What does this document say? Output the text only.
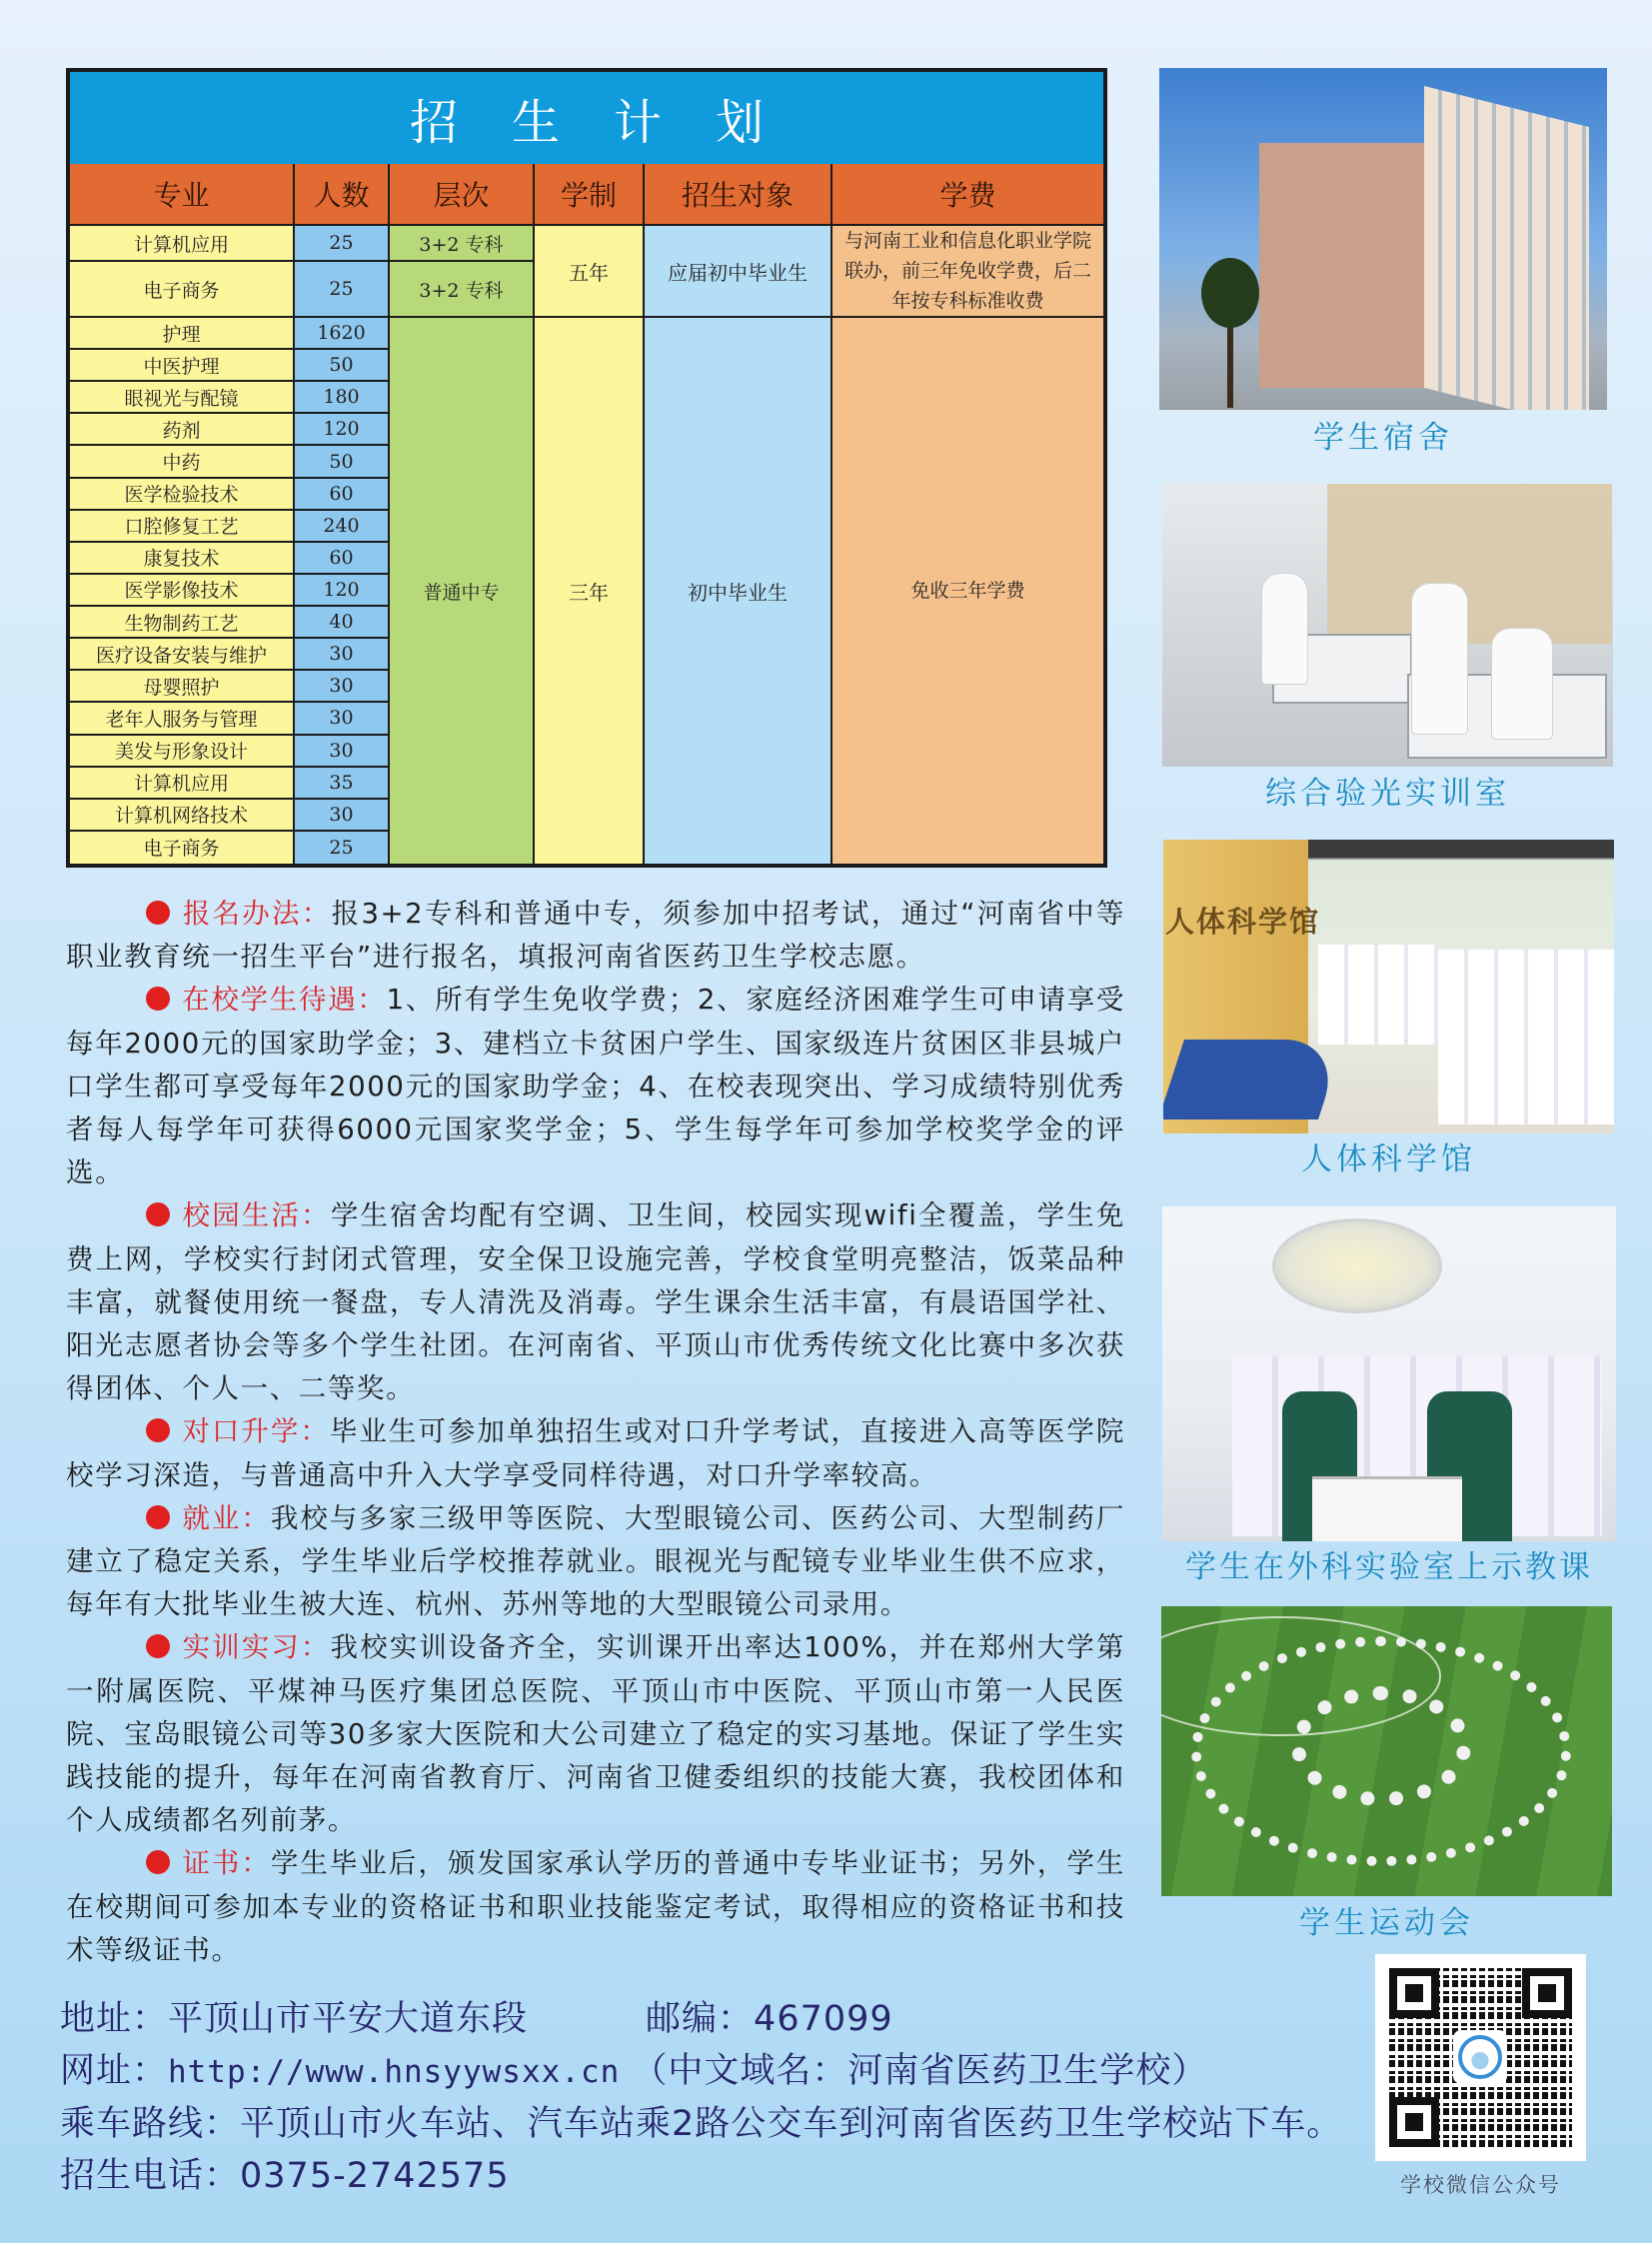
招生计划
专业	人数	层次	学制	招生对象	学费
计算机应用	25	3+2 专科
电子商务	25	3+2 专科
五年	应届初中毕业生
与河南工业和信息化职业学院联办，前三年免收学费，后二年按专科标准收费
护理	1620
中医护理	50
眼视光与配镜	180
药剂	120
中药	50
医学检验技术	60
口腔修复工艺	240
康复技术	60
医学影像技术	120
生物制药工艺	40
医疗设备安装与维护	30
母婴照护	30
老年人服务与管理	30
美发与形象设计	30
计算机应用	35
计算机网络技术	30
电子商务	25
普通中专	三年	初中毕业生	免收三年学费

报名办法：报3+2专科和普通中专，须参加中招考试，通过“河南省中等职业教育统一招生平台”进行报名，填报河南省医药卫生学校志愿。

在校学生待遇：1、所有学生免收学费；2、家庭经济困难学生可申请享受每年2000元的国家助学金；3、建档立卡贫困户学生、国家级连片贫困区非县城户口学生都可享受每年2000元的国家助学金；4、在校表现突出、学习成绩特别优秀者每人每学年可获得6000元国家奖学金；5、学生每学年可参加学校奖学金的评选。

校园生活：学生宿舍均配有空调、卫生间，校园实现wifi全覆盖，学生免费上网，学校实行封闭式管理，安全保卫设施完善，学校食堂明亮整洁，饭菜品种丰富，就餐使用统一餐盘，专人清洗及消毒。学生课余生活丰富，有晨语国学社、阳光志愿者协会等多个学生社团。在河南省、平顶山市优秀传统文化比赛中多次获得团体、个人一、二等奖。

对口升学：毕业生可参加单独招生或对口升学考试，直接进入高等医学院校学习深造，与普通高中升入大学享受同样待遇，对口升学率较高。

就业：我校与多家三级甲等医院、大型眼镜公司、医药公司、大型制药厂建立了稳定关系，学生毕业后学校推荐就业。眼视光与配镜专业毕业生供不应求，每年有大批毕业生被大连、杭州、苏州等地的大型眼镜公司录用。

实训实习：我校实训设备齐全，实训课开出率达100%，并在郑州大学第一附属医院、平煤神马医疗集团总医院、平顶山市中医院、平顶山市第一人民医院、宝岛眼镜公司等30多家大医院和大公司建立了稳定的实习基地。保证了学生实践技能的提升，每年在河南省教育厅、河南省卫健委组织的技能大赛，我校团体和个人成绩都名列前茅。

证书：学生毕业后，颁发国家承认学历的普通中专毕业证书；另外，学生在校期间可参加本专业的资格证书和职业技能鉴定考试，取得相应的资格证书和技术等级证书。

地址：平顶山市平安大道东段	邮编：467099
网址：http://www.hnsyywsxx.cn （中文域名：河南省医药卫生学校）
乘车路线：平顶山市火车站、汽车站乘2路公交车到河南省医药卫生学校站下车。
招生电话：0375-2742575
学生宿舍
综合验光实训室
人体科学馆
人体科学馆
学生在外科实验室上示教课
学生运动会
学校微信公众号
